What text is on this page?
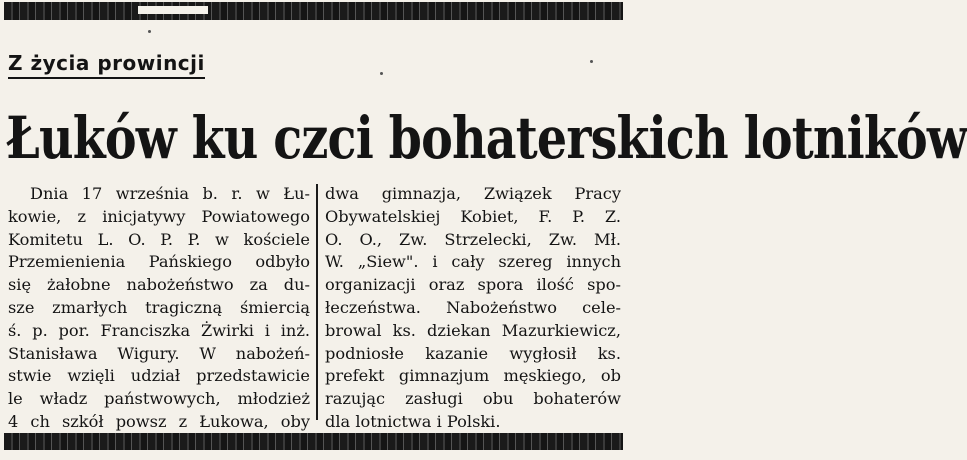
Z życia prowincji
Łuków ku czci bohaterskich lotników
Dnia 17 września b. r. w Łu-
kowie, z inicjatywy Powiatowego
Komitetu L. O. P. P. w kościele
Przemienienia Pańskiego odbyło
się żałobne nabożeństwo za du-
sze zmarłych tragiczną śmiercią
ś. p. por. Franciszka Żwirki i inż.
Stanisława Wigury. W nabożeń-
stwie wzięli udział przedstawicie
le władz państwowych, młodzież
4 ch szkół powsz z Łukowa, oby
dwa gimnazja, Związek Pracy
Obywatelskiej Kobiet, F. P. Z.
O. O., Zw. Strzelecki, Zw. Mł.
W. „Siew". i cały szereg innych
organizacji oraz spora ilość spo-
łeczeństwa. Nabożeństwo cele-
browal ks. dziekan Mazurkiewicz,
podniosłe kazanie wygłosił ks.
prefekt gimnazjum męskiego, ob
razując zasługi obu bohaterów
dla lotnictwa i Polski.
